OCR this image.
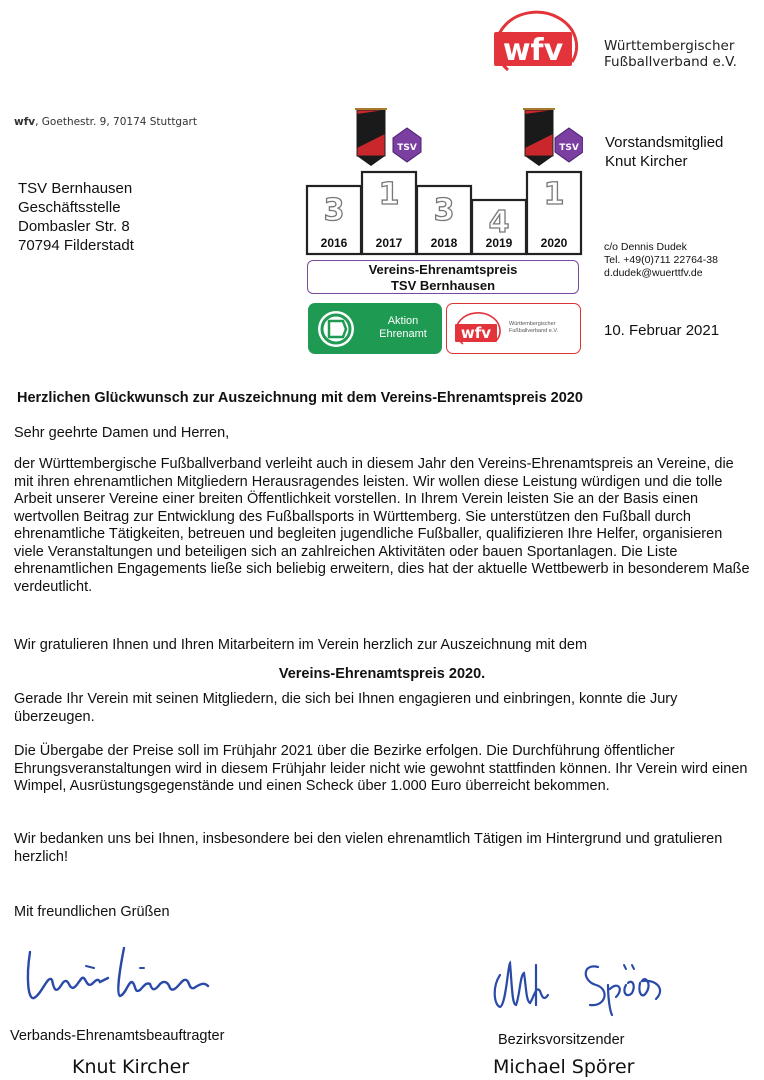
wfv	Württembergischer
Fußballverband e.V.
wfv, Goethestr. 9, 70174 Stuttgart
TSV Bernhausen
Geschäftsstelle
Dombasler Str. 8
70794 Filderstadt
Vorstandsmitglied
Knut Kircher
c/o Dennis Dudek
Tel. +49(0)711 22764-38
d.dudek@wuerttfv.de
10. Februar 2021
TSV	TSV
3 1 3 4
1
2016 2017 2018 2019 2020
Vereins-Ehrenamtspreis
TSV Bernhausen
Aktion
Ehrenamt	wfv	Württembergischer
Fußballverband e.V.
Herzlichen Glückwunsch zur Auszeichnung mit dem Vereins-Ehrenamtspreis 2020
Sehr geehrte Damen und Herren,
der Württembergische Fußballverband verleiht auch in diesem Jahr den Vereins-Ehrenamtspreis an Vereine, die mit ihren ehrenamtlichen Mitgliedern Herausragendes leisten. Wir wollen diese Leistung würdigen und die tolle Arbeit unserer Vereine einer breiten Öffentlichkeit vorstellen. In Ihrem Verein leisten Sie an der Basis einen wertvollen Beitrag zur Entwicklung des Fußballsports in Württemberg. Sie unterstützen den Fußball durch ehrenamtliche Tätigkeiten, betreuen und begleiten jugendliche Fußballer, qualifizieren Ihre Helfer, organisieren viele Veranstaltungen und beteiligen sich an zahlreichen Aktivitäten oder bauen Sportanlagen. Die Liste ehrenamtlichen Engagements ließe sich beliebig erweitern, dies hat der aktuelle Wettbewerb in besonderem Maße verdeutlicht.
Wir gratulieren Ihnen und Ihren Mitarbeitern im Verein herzlich zur Auszeichnung mit dem
Vereins-Ehrenamtspreis 2020.
Gerade Ihr Verein mit seinen Mitgliedern, die sich bei Ihnen engagieren und einbringen, konnte die Jury überzeugen.
Die Übergabe der Preise soll im Frühjahr 2021 über die Bezirke erfolgen. Die Durchführung öffentlicher Ehrungsveranstaltungen wird in diesem Frühjahr leider nicht wie gewohnt stattfinden können. Ihr Verein wird einen Wimpel, Ausrüstungsgegenstände und einen Scheck über 1.000 Euro überreicht bekommen.
Wir bedanken uns bei Ihnen, insbesondere bei den vielen ehrenamtlich Tätigen im Hintergrund und gratulieren herzlich!
Mit freundlichen Grüßen
Verbands-Ehrenamtsbeauftragter	Bezirksvorsitzender
Knut Kircher	Michael Spörer
